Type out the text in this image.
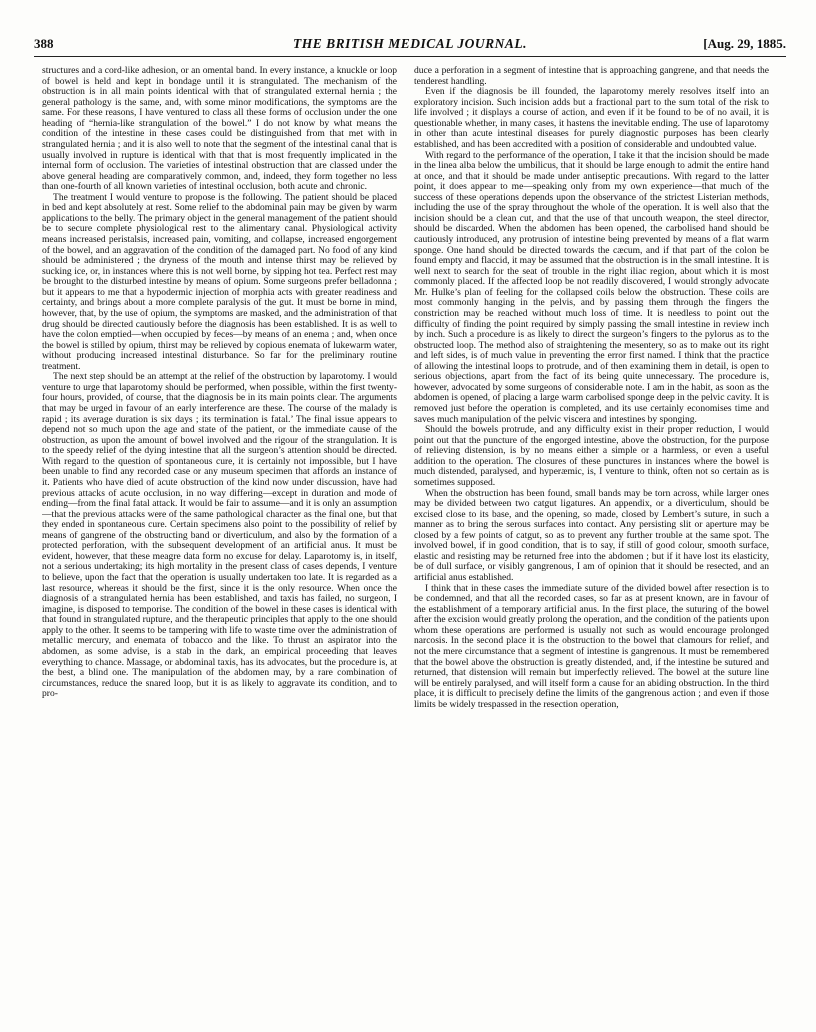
388	THE BRITISH MEDICAL JOURNAL.	[Aug. 29, 1885.

structures and a cord-like adhesion, or an omental band. In every instance, a knuckle or loop of bowel is held and kept in bondage until it is strangulated. The mechanism of the obstruction is in all main points identical with that of strangulated external hernia ; the general pathology is the same, and, with some minor modifications, the symptoms are the same. For these reasons, I have ventured to class all these forms of occlusion under the one heading of “hernia-like strangulation of the bowel.” I do not know by what means the condition of the intestine in these cases could be distinguished from that met with in strangulated hernia ; and it is also well to note that the segment of the intestinal canal that is usually involved in rupture is identical with that that is most frequently implicated in the internal form of occlusion. The varieties of intestinal obstruction that are classed under the above general heading are comparatively common, and, indeed, they form together no less than one-fourth of all known varieties of intestinal occlusion, both acute and chronic.

The treatment I would venture to propose is the following. The patient should be placed in bed and kept absolutely at rest. Some relief to the abdominal pain may be given by warm applications to the belly. The primary object in the general management of the patient should be to secure complete physiological rest to the alimentary canal. Physiological activity means increased peristalsis, increased pain, vomiting, and collapse, increased engorgement of the bowel, and an aggravation of the condition of the damaged part. No food of any kind should be administered ; the dryness of the mouth and intense thirst may be relieved by sucking ice, or, in instances where this is not well borne, by sipping hot tea. Perfect rest may be brought to the disturbed intestine by means of opium. Some surgeons prefer belladonna ; but it appears to me that a hypodermic injection of morphia acts with greater readiness and certainty, and brings about a more complete paralysis of the gut. It must be borne in mind, however, that, by the use of opium, the symptoms are masked, and the administration of that drug should be directed cautiously before the diagnosis has been established. It is as well to have the colon emptied—when occupied by feces—by means of an enema ; and, when once the bowel is stilled by opium, thirst may be relieved by copious enemata of lukewarm water, without producing increased intestinal disturbance. So far for the preliminary routine treatment.

The next step should be an attempt at the relief of the obstruction by laparotomy. I would venture to urge that laparotomy should be performed, when possible, within the first twenty-four hours, provided, of course, that the diagnosis be in its main points clear. The arguments that may be urged in favour of an early interference are these. The course of the malady is rapid ; its average duration is six days ; its termination is fatal.’ The final issue appears to depend not so much upon the age and state of the patient, or the immediate cause of the obstruction, as upon the amount of bowel involved and the rigour of the strangulation. It is to the speedy relief of the dying intestine that all the surgeon’s attention should be directed. With regard to the question of spontaneous cure, it is certainly not impossible, but I have been unable to find any recorded case or any museum specimen that affords an instance of it. Patients who have died of acute obstruction of the kind now under discussion, have had previous attacks of acute occlusion, in no way differing—except in duration and mode of ending—from the final fatal attack. It would be fair to assume—and it is only an assumption—that the previous attacks were of the same pathological character as the final one, but that they ended in spontaneous cure. Certain specimens also point to the possibility of relief by means of gangrene of the obstructing band or diverticulum, and also by the formation of a protected perforation, with the subsequent development of an artificial anus. It must be evident, however, that these meagre data form no excuse for delay. Laparotomy is, in itself, not a serious undertaking; its high mortality in the present class of cases depends, I venture to believe, upon the fact that the operation is usually undertaken too late. It is regarded as a last resource, whereas it should be the first, since it is the only resource. When once the diagnosis of a strangulated hernia has been established, and taxis has failed, no surgeon, I imagine, is disposed to temporise. The condition of the bowel in these cases is identical with that found in strangulated rupture, and the therapeutic principles that apply to the one should apply to the other. It seems to be tampering with life to waste time over the administration of metallic mercury, and enemata of tobacco and the like. To thrust an aspirator into the abdomen, as some advise, is a stab in the dark, an empirical proceeding that leaves everything to chance. Massage, or abdominal taxis, has its advocates, but the procedure is, at the best, a blind one. The manipulation of the abdomen may, by a rare combination of circumstances, reduce the snared loop, but it is as likely to aggravate its condition, and to pro-

duce a perforation in a segment of intestine that is approaching gangrene, and that needs the tenderest handling.

Even if the diagnosis be ill founded, the laparotomy merely resolves itself into an exploratory incision. Such incision adds but a fractional part to the sum total of the risk to life involved ; it displays a course of action, and even if it be found to be of no avail, it is questionable whether, in many cases, it hastens the inevitable ending. The use of laparotomy in other than acute intestinal diseases for purely diagnostic purposes has been clearly established, and has been accredited with a position of considerable and undoubted value.

With regard to the performance of the operation, I take it that the incision should be made in the linea alba below the umbilicus, that it should be large enough to admit the entire hand at once, and that it should be made under antiseptic precautions. With regard to the latter point, it does appear to me—speaking only from my own experience—that much of the success of these operations depends upon the observance of the strictest Listerian methods, including the use of the spray throughout the whole of the operation. It is well also that the incision should be a clean cut, and that the use of that uncouth weapon, the steel director, should be discarded. When the abdomen has been opened, the carbolised hand should be cautiously introduced, any protrusion of intestine being prevented by means of a flat warm sponge. One hand should be directed towards the cæcum, and if that part of the colon be found empty and flaccid, it may be assumed that the obstruction is in the small intestine. It is well next to search for the seat of trouble in the right iliac region, about which it is most commonly placed. If the affected loop be not readily discovered, I would strongly advocate Mr. Hulke’s plan of feeling for the collapsed coils below the obstruction. These coils are most commonly hanging in the pelvis, and by passing them through the fingers the constriction may be reached without much loss of time. It is needless to point out the difficulty of finding the point required by simply passing the small intestine in review inch by inch. Such a procedure is as likely to direct the surgeon’s fingers to the pylorus as to the obstructed loop. The method also of straightening the mesentery, so as to make out its right and left sides, is of much value in preventing the error first named. I think that the practice of allowing the intestinal loops to protrude, and of then examining them in detail, is open to serious objections, apart from the fact of its being quite unnecessary. The procedure is, however, advocated by some surgeons of considerable note. I am in the habit, as soon as the abdomen is opened, of placing a large warm carbolised sponge deep in the pelvic cavity. It is removed just before the operation is completed, and its use certainly economises time and saves much manipulation of the pelvic viscera and intestines by sponging.

Should the bowels protrude, and any difficulty exist in their proper reduction, I would point out that the puncture of the engorged intestine, above the obstruction, for the purpose of relieving distension, is by no means either a simple or a harmless, or even a useful addition to the operation. The closures of these punctures in instances where the bowel is much distended, paralysed, and hyperæmic, is, I venture to think, often not so certain as is sometimes supposed.

When the obstruction has been found, small bands may be torn across, while larger ones may be divided between two catgut ligatures. An appendix, or a diverticulum, should be excised close to its base, and the opening, so made, closed by Lembert’s suture, in such a manner as to bring the serous surfaces into contact. Any persisting slit or aperture may be closed by a few points of catgut, so as to prevent any further trouble at the same spot. The involved bowel, if in good condition, that is to say, if still of good colour, smooth surface, elastic and resisting may be returned free into the abdomen ; but if it have lost its elasticity, be of dull surface, or visibly gangrenous, I am of opinion that it should be resected, and an artificial anus established.

I think that in these cases the immediate suture of the divided bowel after resection is to be condemned, and that all the recorded cases, so far as at present known, are in favour of the establishment of a temporary artificial anus. In the first place, the suturing of the bowel after the excision would greatly prolong the operation, and the condition of the patients upon whom these operations are performed is usually not such as would encourage prolonged narcosis. In the second place it is the obstruction to the bowel that clamours for relief, and not the mere circumstance that a segment of intestine is gangrenous. It must be remembered that the bowel above the obstruction is greatly distended, and, if the intestine be sutured and returned, that distension will remain but imperfectly relieved. The bowel at the suture line will be entirely paralysed, and will itself form a cause for an abiding obstruction. In the third place, it is difficult to precisely define the limits of the gangrenous action ; and even if those limits be widely trespassed in the resection operation,
